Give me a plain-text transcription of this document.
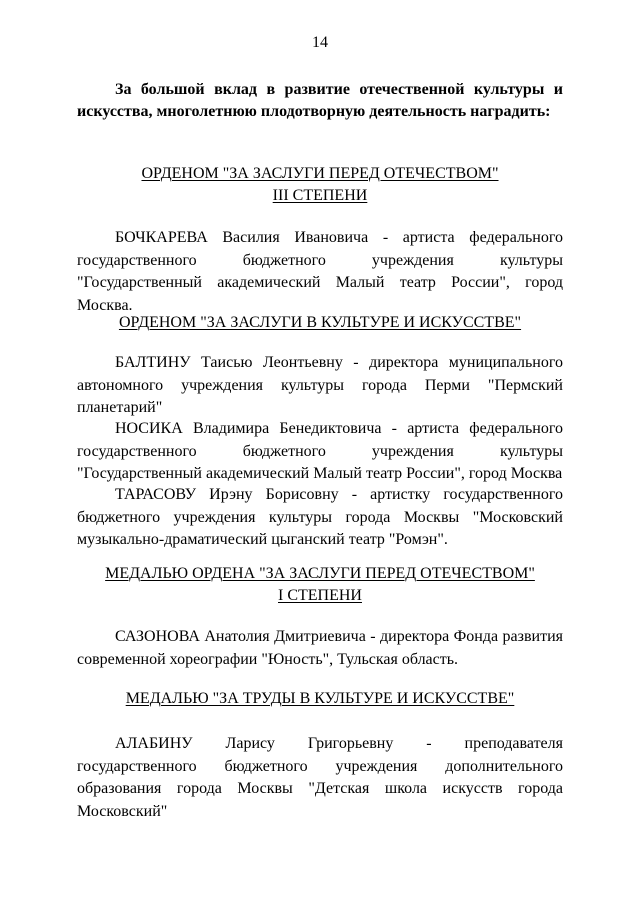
14

За большой вклад в развитие отечественной культуры и искусства, многолетнюю плодотворную деятельность наградить:

ОРДЕНОМ "ЗА ЗАСЛУГИ ПЕРЕД ОТЕЧЕСТВОМ"
III СТЕПЕНИ

БОЧКАРЕВА Василия Ивановича - артиста федерального государственного бюджетного учреждения культуры "Государственный академический Малый театр России", город Москва.

ОРДЕНОМ "ЗА ЗАСЛУГИ В КУЛЬТУРЕ И ИСКУССТВЕ"

БАЛТИНУ Таисью Леонтьевну - директора муниципального автономного учреждения культуры города Перми "Пермский планетарий"

НОСИКА Владимира Бенедиктовича - артиста федерального государственного бюджетного учреждения культуры "Государственный академический Малый театр России", город Москва

ТАРАСОВУ Ирэну Борисовну - артистку государственного бюджетного учреждения культуры города Москвы "Московский музыкально-драматический цыганский театр "Ромэн".

МЕДАЛЬЮ ОРДЕНА "ЗА ЗАСЛУГИ ПЕРЕД ОТЕЧЕСТВОМ"
I СТЕПЕНИ

САЗОНОВА Анатолия Дмитриевича - директора Фонда развития современной хореографии "Юность", Тульская область.

МЕДАЛЬЮ "ЗА ТРУДЫ В КУЛЬТУРЕ И ИСКУССТВЕ"

АЛАБИНУ Ларису Григорьевну - преподавателя государственного бюджетного учреждения дополнительного образования города Москвы "Детская школа искусств города Московский"
